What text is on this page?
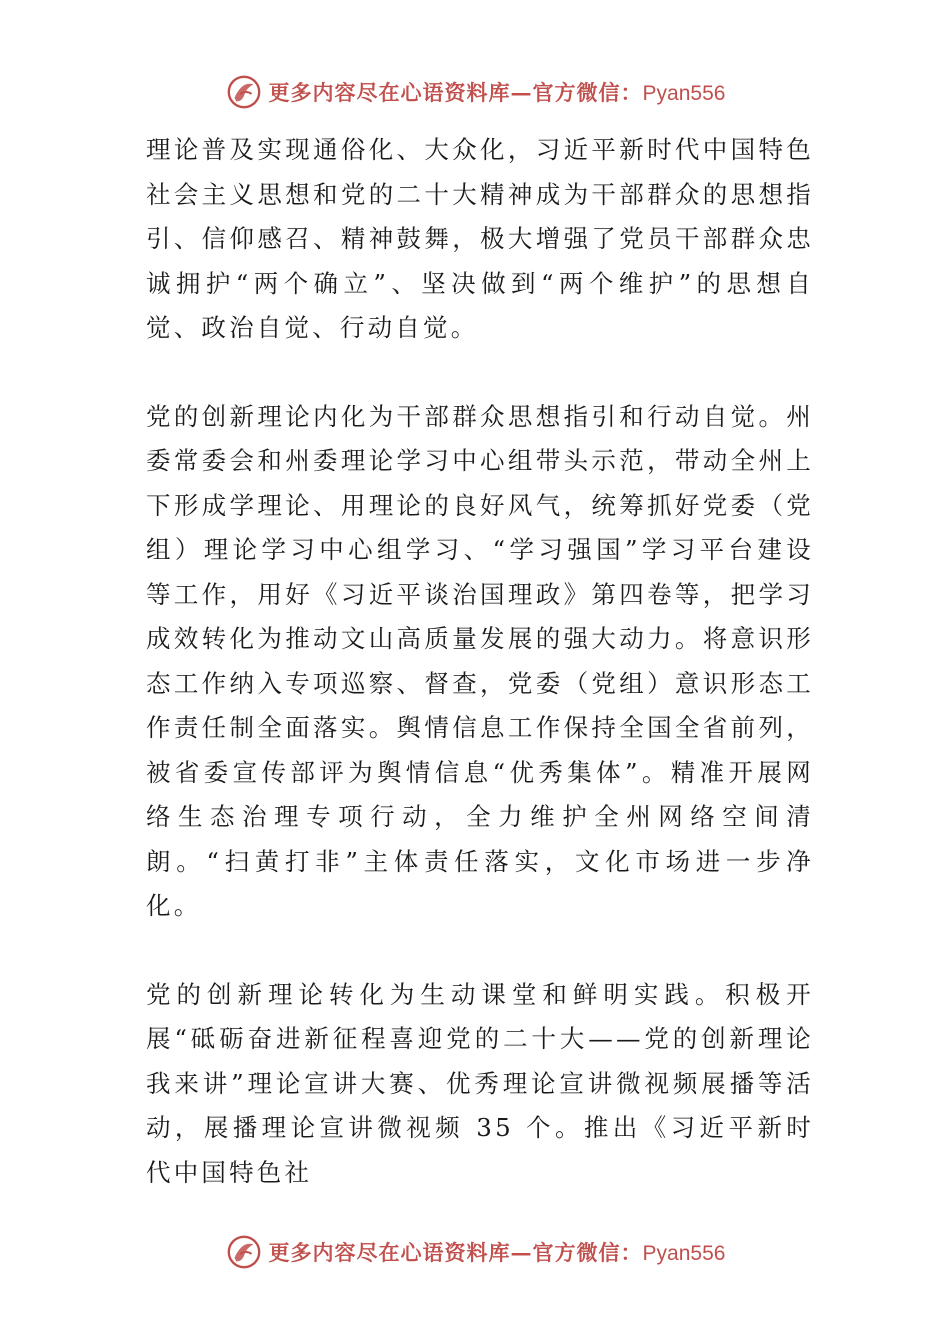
更多内容尽在心语资料库—官方微信：Pyan556

理论普及实现通俗化、大众化，习近平新时代中国特色社会主义思想和党的二十大精神成为干部群众的思想指引、信仰感召、精神鼓舞，极大增强了党员干部群众忠诚拥护“两个确立”、坚决做到“两个维护”的思想自觉、政治自觉、行动自觉。

党的创新理论内化为干部群众思想指引和行动自觉。州委常委会和州委理论学习中心组带头示范，带动全州上下形成学理论、用理论的良好风气，统筹抓好党委（党组）理论学习中心组学习、“学习强国”学习平台建设等工作，用好《习近平谈治国理政》第四卷等，把学习成效转化为推动文山高质量发展的强大动力。将意识形态工作纳入专项巡察、督查，党委（党组）意识形态工作责任制全面落实。舆情信息工作保持全国全省前列，被省委宣传部评为舆情信息“优秀集体”。精准开展网络生态治理专项行动，全力维护全州网络空间清朗。“扫黄打非”主体责任落实，文化市场进一步净化。

党的创新理论转化为生动课堂和鲜明实践。积极开展“砥砺奋进新征程喜迎党的二十大——党的创新理论我来讲”理论宣讲大赛、优秀理论宣讲微视频展播等活动，展播理论宣讲微视频 35 个。推出《习近平新时代中国特色社

更多内容尽在心语资料库—官方微信：Pyan556
